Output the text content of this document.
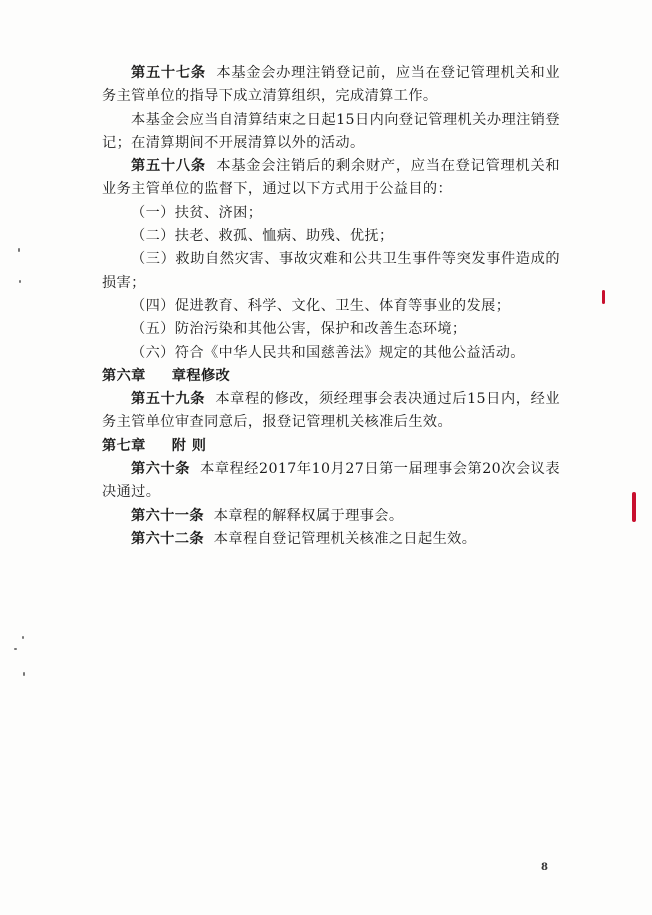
第五十七条 本基金会办理注销登记前，应当在登记管理机关和业务主管单位的指导下成立清算组织，完成清算工作。

本基金会应当自清算结束之日起15日内向登记管理机关办理注销登记；在清算期间不开展清算以外的活动。

第五十八条 本基金会注销后的剩余财产，应当在登记管理机关和业务主管单位的监督下，通过以下方式用于公益目的：

（一）扶贫、济困；

（二）扶老、救孤、恤病、助残、优抚；

（三）救助自然灾害、事故灾难和公共卫生事件等突发事件造成的损害；

（四）促进教育、科学、文化、卫生、体育等事业的发展；

（五）防治污染和其他公害，保护和改善生态环境；

（六）符合《中华人民共和国慈善法》规定的其他公益活动。

第六章 章程修改

第五十九条 本章程的修改，须经理事会表决通过后15日内，经业务主管单位审查同意后，报登记管理机关核准后生效。

第七章 附 则

第六十条 本章程经2017年10月27日第一届理事会第20次会议表决通过。

第六十一条 本章程的解释权属于理事会。

第六十二条 本章程自登记管理机关核准之日起生效。

8
